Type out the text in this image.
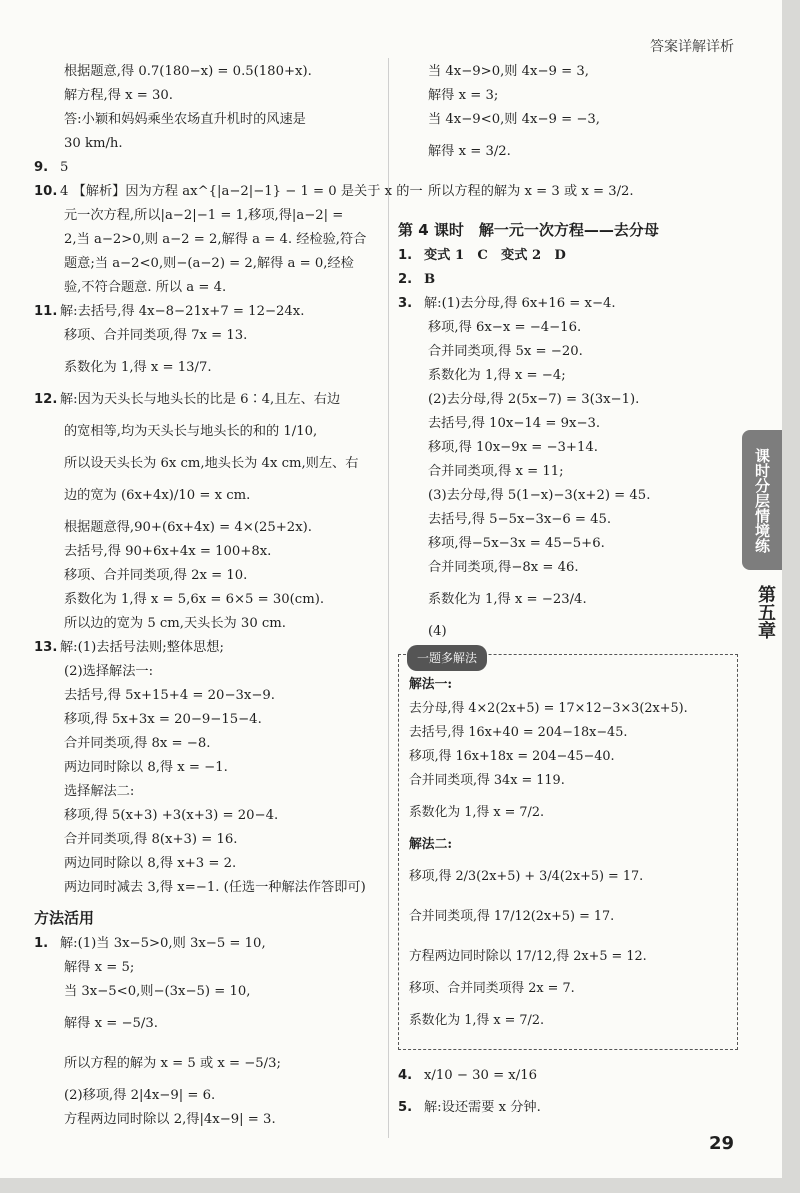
答案详解详析
根据题意,得 0.7(180−x) = 0.5(180+x).
解方程,得 x = 30.
答:小颖和妈妈乘坐农场直升机时的风速是
30 km/h.
9. 5
10. 4 【解析】因为方程 ax^{|a−2|−1} − 1 = 0 是关于 x 的一
元一次方程,所以|a−2|−1 = 1,移项,得|a−2| =
2,当 a−2>0,则 a−2 = 2,解得 a = 4. 经检验,符合
题意;当 a−2<0,则−(a−2) = 2,解得 a = 0,经检
验,不符合题意. 所以 a = 4.
11. 解:去括号,得 4x−8−21x+7 = 12−24x.
移项、合并同类项,得 7x = 13.
系数化为 1,得 x = 13/7.
12. 解:因为天头长与地头长的比是 6∶4,且左、右边
的宽相等,均为天头长与地头长的和的 1/10,
所以设天头长为 6x cm,地头长为 4x cm,则左、右
边的宽为 (6x+4x)/10 = x cm.
根据题意得,90+(6x+4x) = 4×(25+2x).
去括号,得 90+6x+4x = 100+8x.
移项、合并同类项,得 2x = 10.
系数化为 1,得 x = 5,6x = 6×5 = 30(cm).
所以边的宽为 5 cm,天头长为 30 cm.
13. 解:(1)去括号法则;整体思想;
(2)选择解法一:
去括号,得 5x+15+4 = 20−3x−9.
移项,得 5x+3x = 20−9−15−4.
合并同类项,得 8x = −8.
两边同时除以 8,得 x = −1.
选择解法二:
移项,得 5(x+3) +3(x+3) = 20−4.
合并同类项,得 8(x+3) = 16.
两边同时除以 8,得 x+3 = 2.
两边同时减去 3,得 x=−1. (任选一种解法作答即可)
方法活用
1. 解:(1)当 3x−5>0,则 3x−5 = 10,
解得 x = 5;
当 3x−5<0,则−(3x−5) = 10,
解得 x = −5/3.
所以方程的解为 x = 5 或 x = −5/3;
(2)移项,得 2|4x−9| = 6.
方程两边同时除以 2,得|4x−9| = 3.
当 4x−9>0,则 4x−9 = 3,
解得 x = 3;
当 4x−9<0,则 4x−9 = −3,
解得 x = 3/2.
所以方程的解为 x = 3 或 x = 3/2.
第 4 课时　解一元一次方程——去分母
1. 变式 1　C　变式 2　D
2. B
3. 解:(1)去分母,得 6x+16 = x−4.
移项,得 6x−x = −4−16.
合并同类项,得 5x = −20.
系数化为 1,得 x = −4;
(2)去分母,得 2(5x−7) = 3(3x−1).
去括号,得 10x−14 = 9x−3.
移项,得 10x−9x = −3+14.
合并同类项,得 x = 11;
(3)去分母,得 5(1−x)−3(x+2) = 45.
去括号,得 5−5x−3x−6 = 45.
移项,得−5x−3x = 45−5+6.
合并同类项,得−8x = 46.
系数化为 1,得 x = −23/4.
(4)
一题多解法
解法一:
去分母,得 4×2(2x+5) = 17×12−3×3(2x+5).
去括号,得 16x+40 = 204−18x−45.
移项,得 16x+18x = 204−45−40.
合并同类项,得 34x = 119.
系数化为 1,得 x = 7/2.
解法二:
移项,得 2/3(2x+5) + 3/4(2x+5) = 17.
合并同类项,得 17/12(2x+5) = 17.
方程两边同时除以 17/12,得 2x+5 = 12.
移项、合并同类项得 2x = 7.
系数化为 1,得 x = 7/2.
4. x/10 − 30 = x/16
5. 解:设还需要 x 分钟.
课时分层情境练
第五章
29
